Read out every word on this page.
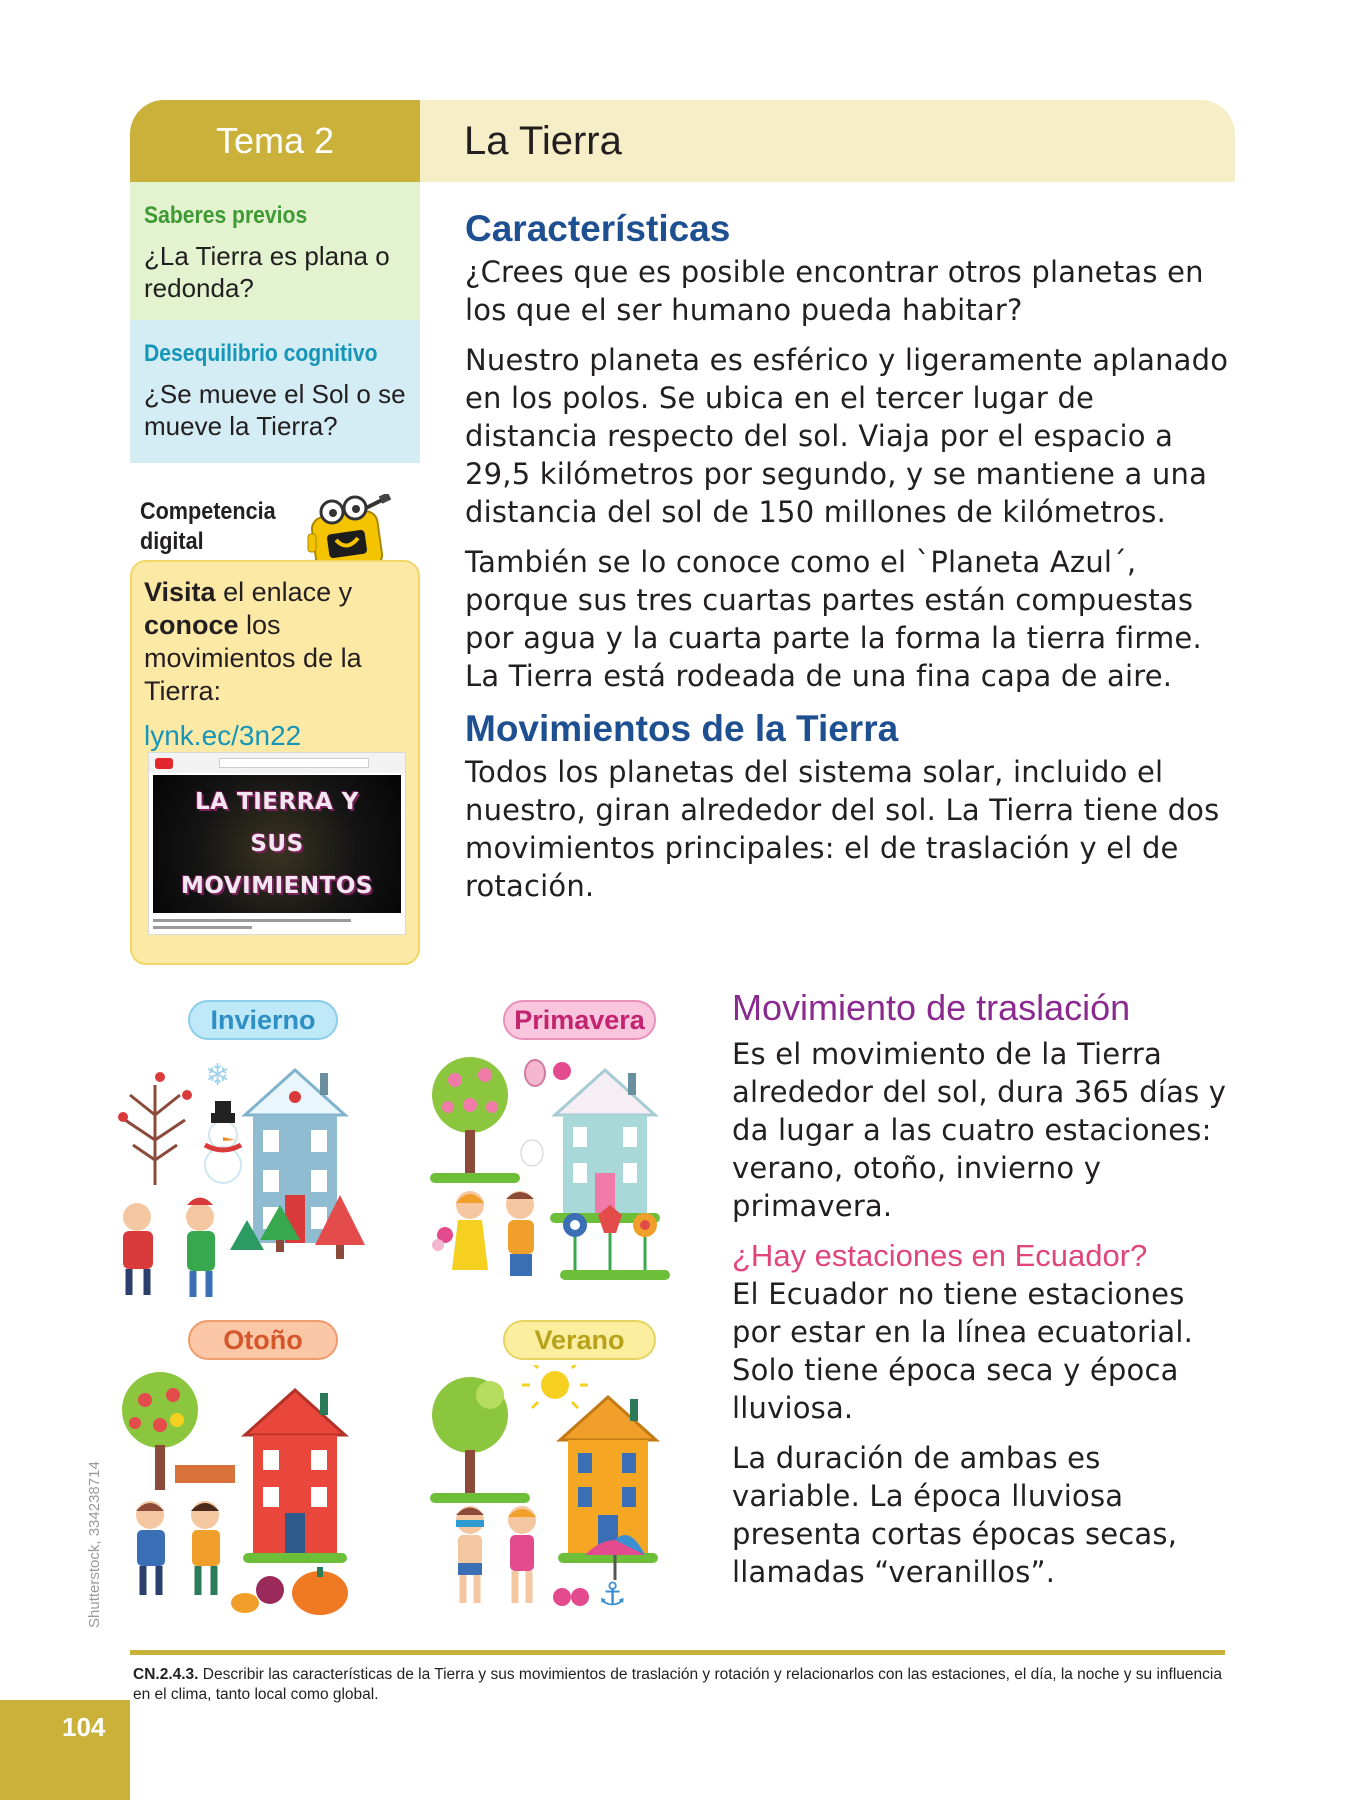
Tema 2	La Tierra
Saberes previos
¿La Tierra es plana o redonda?
Desequilibrio cognitivo
¿Se mueve el Sol o se mueve la Tierra?
Competencia
digital
Visita el enlace y conoce los movimientos de la Tierra:
lynk.ec/3n22
LA TIERRA Y
SUS MOVIMIENTOS
Características

¿Crees que es posible encontrar otros planetas en los que el ser humano pueda habitar?

Nuestro planeta es esférico y ligeramente aplanado en los polos. Se ubica en el tercer lugar de distancia respecto del sol. Viaja por el espacio a 29,5 kilómetros por segundo, y se mantiene a una distancia del sol de 150 millones de kilómetros.

También se lo conoce como el `Planeta Azul´, porque sus tres cuartas partes están compuestas por agua y la cuarta parte la forma la tierra firme. La Tierra está rodeada de una fina capa de aire.

Movimientos de la Tierra

Todos los planetas del sistema solar, incluido el nuestro, giran alrededor del sol. La Tierra tiene dos movimientos principales: el de traslación y el de rotación.

Movimiento de traslación

Es el movimiento de la Tierra alrededor del sol, dura 365 días y da lugar a las cuatro estaciones: verano, otoño, invierno y primavera.

¿Hay estaciones en Ecuador?

El Ecuador no tiene estaciones por estar en la línea ecuatorial. Solo tiene época seca y época lluviosa.

La duración de ambas es variable. La época lluviosa presenta cortas épocas secas, llamadas “veranillos”.

Invierno	Primavera
Otoño	Verano
❄
⚓
Shutterstock, 334238714
CN.2.4.3. Describir las características de la Tierra y sus movimientos de traslación y rotación y relacionarlos con las estaciones, el día, la noche y su influencia en el clima, tanto local como global.
104
